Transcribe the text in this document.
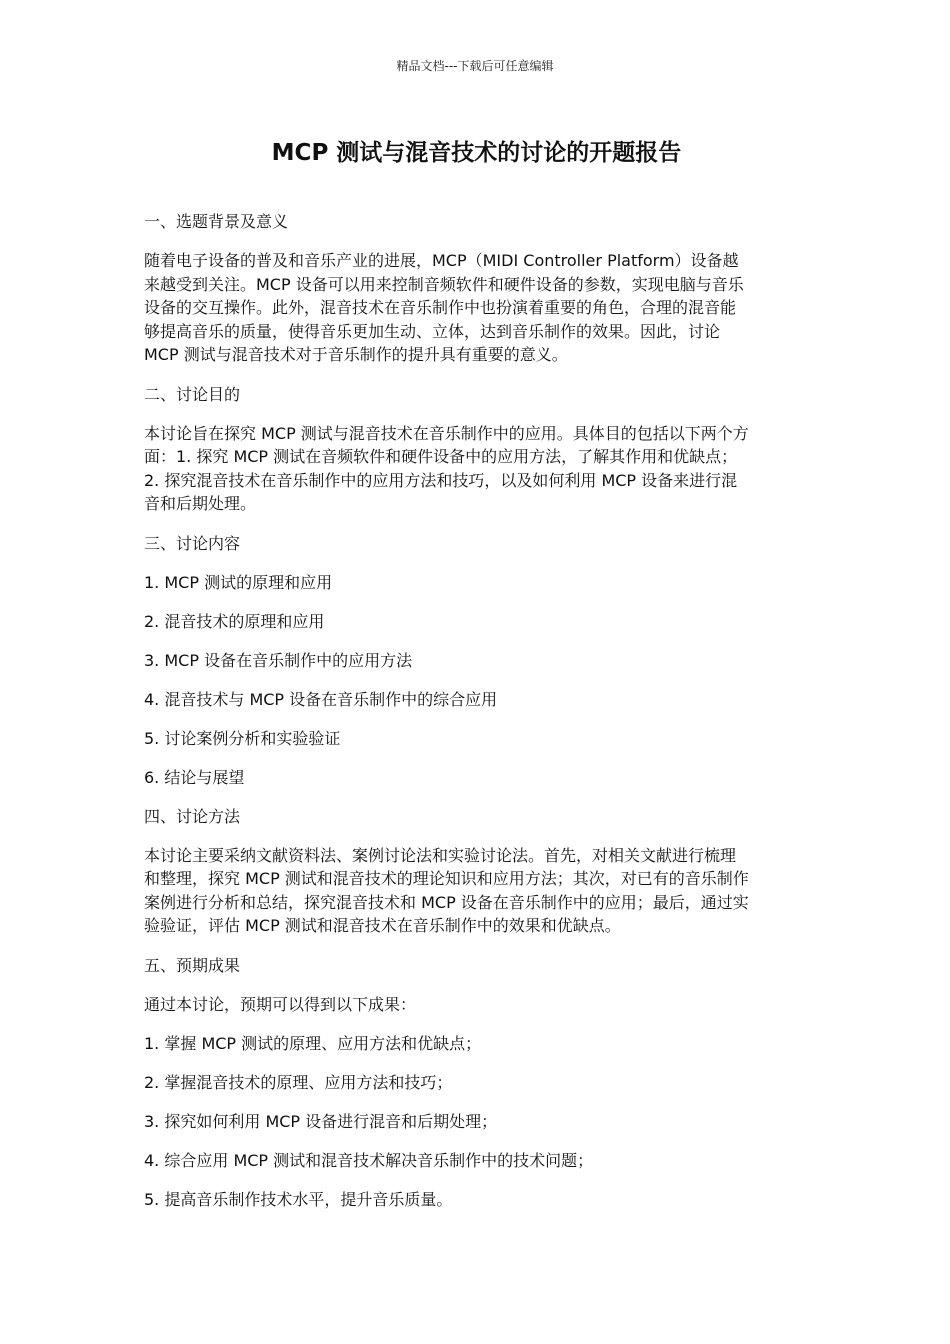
精品文档---下载后可任意编辑
MCP 测试与混音技术的讨论的开题报告
一、选题背景及意义
随着电子设备的普及和音乐产业的进展，MCP（MIDI Controller Platform）设备越
来越受到关注。MCP 设备可以用来控制音频软件和硬件设备的参数，实现电脑与音乐
设备的交互操作。此外，混音技术在音乐制作中也扮演着重要的角色，合理的混音能
够提高音乐的质量，使得音乐更加生动、立体，达到音乐制作的效果。因此，讨论
MCP 测试与混音技术对于音乐制作的提升具有重要的意义。
二、讨论目的
本讨论旨在探究 MCP 测试与混音技术在音乐制作中的应用。具体目的包括以下两个方
面：1. 探究 MCP 测试在音频软件和硬件设备中的应用方法，了解其作用和优缺点；
2. 探究混音技术在音乐制作中的应用方法和技巧，以及如何利用 MCP 设备来进行混
音和后期处理。
三、讨论内容
1. MCP 测试的原理和应用
2. 混音技术的原理和应用
3. MCP 设备在音乐制作中的应用方法
4. 混音技术与 MCP 设备在音乐制作中的综合应用
5. 讨论案例分析和实验验证
6. 结论与展望
四、讨论方法
本讨论主要采纳文献资料法、案例讨论法和实验讨论法。首先，对相关文献进行梳理
和整理，探究 MCP 测试和混音技术的理论知识和应用方法；其次，对已有的音乐制作
案例进行分析和总结，探究混音技术和 MCP 设备在音乐制作中的应用；最后，通过实
验验证，评估 MCP 测试和混音技术在音乐制作中的效果和优缺点。
五、预期成果
通过本讨论，预期可以得到以下成果：
1. 掌握 MCP 测试的原理、应用方法和优缺点；
2. 掌握混音技术的原理、应用方法和技巧；
3. 探究如何利用 MCP 设备进行混音和后期处理；
4. 综合应用 MCP 测试和混音技术解决音乐制作中的技术问题；
5. 提高音乐制作技术水平，提升音乐质量。
